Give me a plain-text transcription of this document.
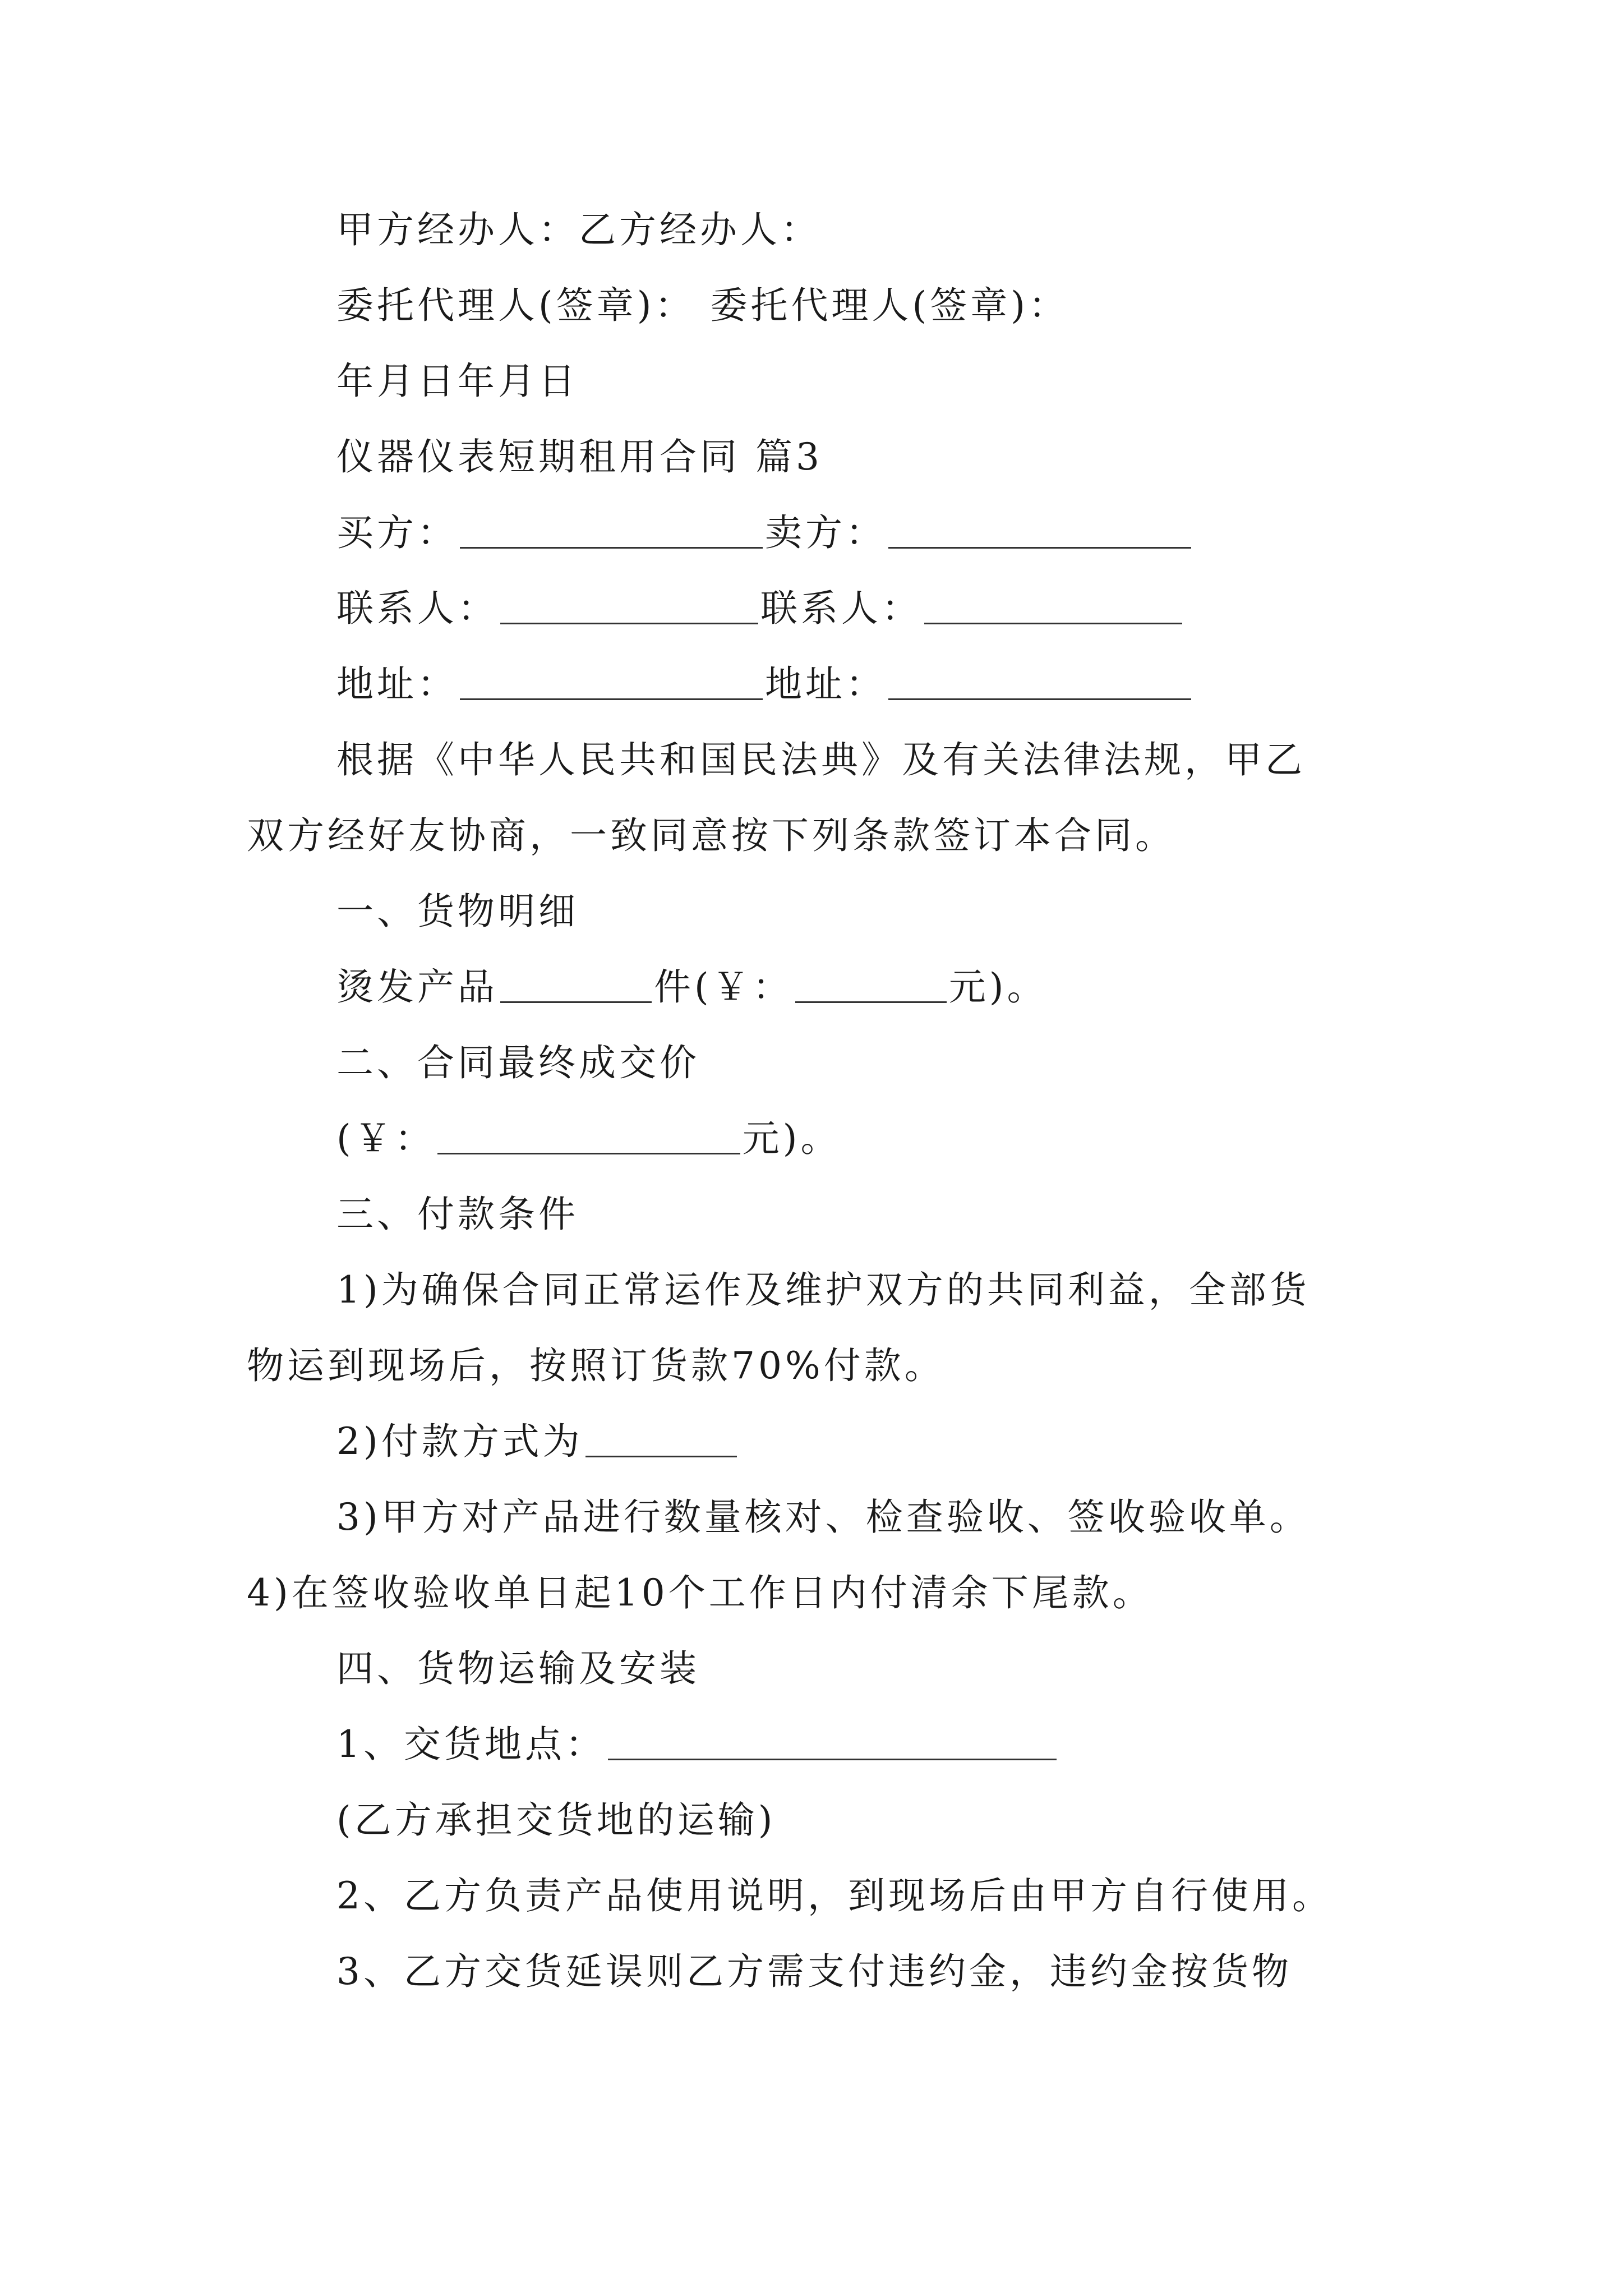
甲方经办人：乙方经办人：
委托代理人(签章)： 委托代理人(签章)：
年月日年月日
仪器仪表短期租用合同 篇3
买方：	卖方：
联系人：	联系人：
地址：	地址：
根据《中华人民共和国民法典》及有关法律法规，甲乙
双方经好友协商，一致同意按下列条款签订本合同。
一、货物明细
烫发产品	件(￥：	元)。
二、合同最终成交价
(￥：	元)。
三、付款条件
1)为确保合同正常运作及维护双方的共同利益，全部货
物运到现场后，按照订货款70%付款。
2)付款方式为
3)甲方对产品进行数量核对、检查验收、签收验收单。
4)在签收验收单日起10个工作日内付清余下尾款。
四、货物运输及安装
1、交货地点：
(乙方承担交货地的运输)
2、乙方负责产品使用说明，到现场后由甲方自行使用。
3、乙方交货延误则乙方需支付违约金，违约金按货物
